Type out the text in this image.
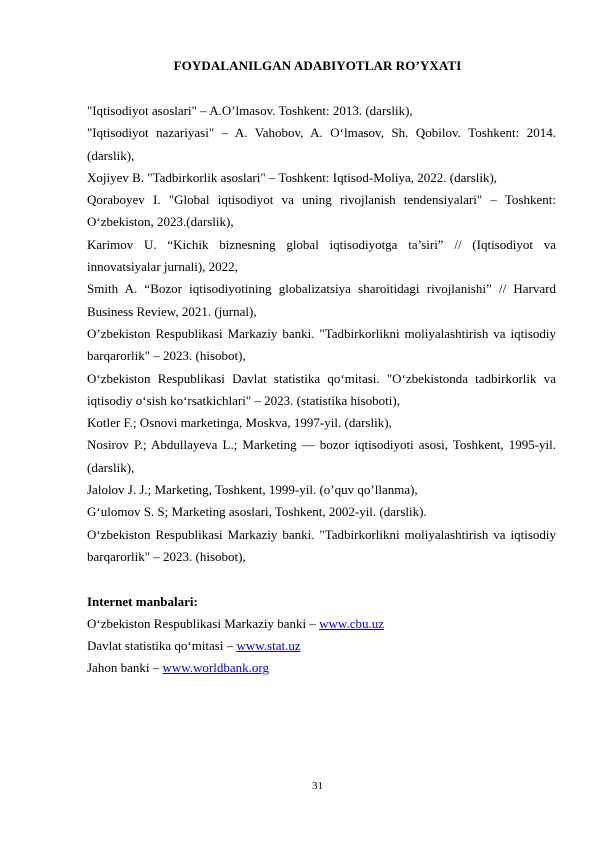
FOYDALANILGAN ADABIYOTLAR RO’YXATI

"Iqtisodiyot asoslari" – A.O’lmasov. Toshkent: 2013. (darslik),

"Iqtisodiyot nazariyasi" – A. Vahobov, A. O‘lmasov, Sh. Qobilov. Toshkent: 2014. (darslik),

Xojiyev B. "Tadbirkorlik asoslari" – Toshkent: Iqtisod-Moliya, 2022. (darslik),

Qoraboyev I. "Global iqtisodiyot va uning rivojlanish tendensiyalari" – Toshkent: O‘zbekiston, 2023.(darslik),

Karimov U. “Kichik biznesning global iqtisodiyotga ta’siri” // (Iqtisodiyot va innovatsiyalar jurnali), 2022,

Smith A. “Bozor iqtisodiyotining globalizatsiya sharoitidagi rivojlanishi” // Harvard Business Review, 2021. (jurnal),

O’zbekiston Respublikasi Markaziy banki. "Tadbirkorlikni moliyalashtirish va iqtisodiy barqarorlik" – 2023. (hisobot),

O‘zbekiston Respublikasi Davlat statistika qo‘mitasi. "O‘zbekistonda tadbirkorlik va iqtisodiy o‘sish ko‘rsatkichlari" – 2023. (statistika hisoboti),

Kotler F.; Osnovi marketinga, Moskva, 1997-yil. (darslik),

Nosirov P.; Abdullayeva L.; Marketing — bozor iqtisodiyoti asosi, Toshkent, 1995-yil. (darslik),

Jalolov J. J.; Marketing, Toshkent, 1999-yil. (o’quv qo’llanma),

G‘ulomov S. S; Marketing asoslari, Toshkent, 2002-yil. (darslik).

O‘zbekiston Respublikasi Markaziy banki. "Tadbirkorlikni moliyalashtirish va iqtisodiy barqarorlik" – 2023. (hisobot),

Internet manbalari:

O‘zbekiston Respublikasi Markaziy banki – www.cbu.uz

Davlat statistika qo‘mitasi – www.stat.uz

Jahon banki – www.worldbank.org

31
